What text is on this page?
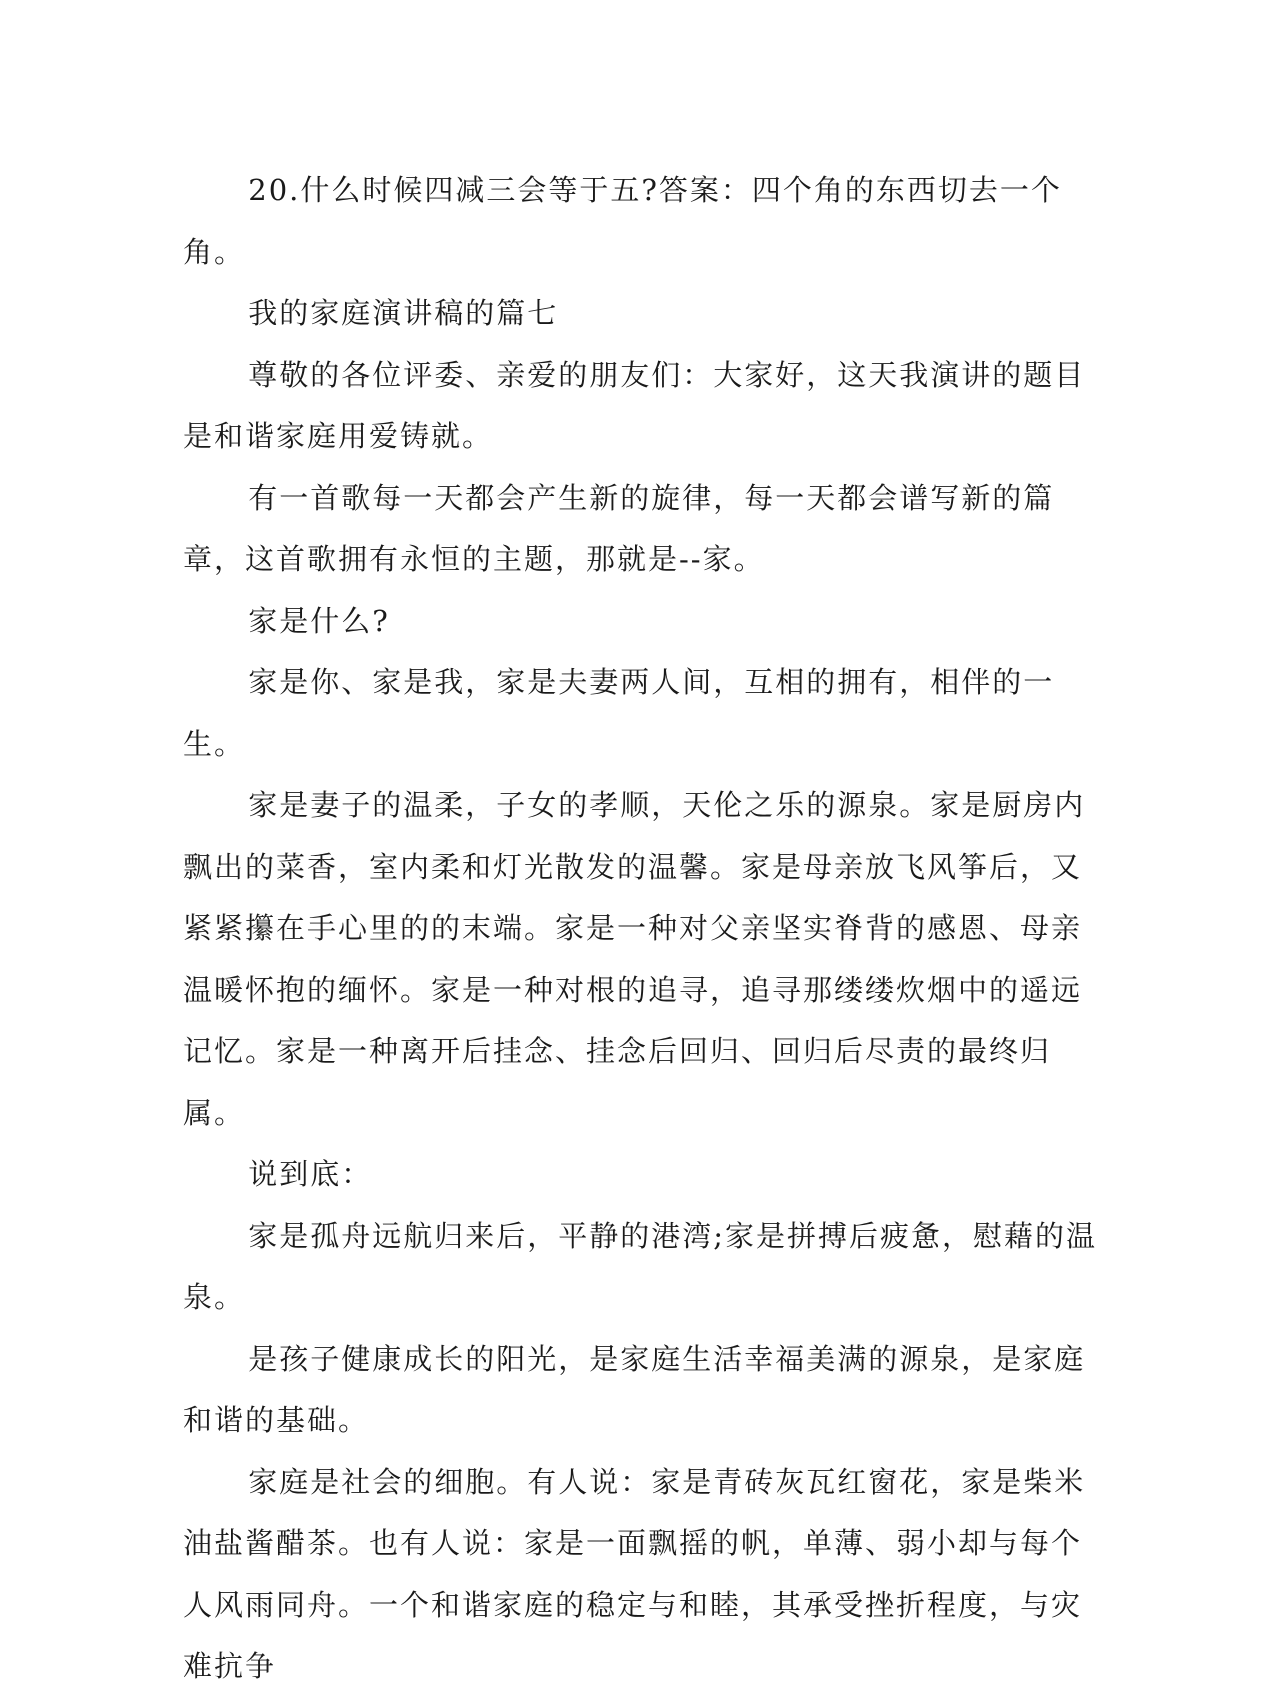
20.什么时候四减三会等于五?答案：四个角的东西切去一个角。

我的家庭演讲稿的篇七

尊敬的各位评委、亲爱的朋友们：大家好，这天我演讲的题目是和谐家庭用爱铸就。

有一首歌每一天都会产生新的旋律，每一天都会谱写新的篇章，这首歌拥有永恒的主题，那就是--家。

家是什么?

家是你、家是我，家是夫妻两人间，互相的拥有，相伴的一生。

家是妻子的温柔，子女的孝顺，天伦之乐的源泉。家是厨房内飘出的菜香，室内柔和灯光散发的温馨。家是母亲放飞风筝后，又紧紧攥在手心里的的末端。家是一种对父亲坚实脊背的感恩、母亲温暖怀抱的缅怀。家是一种对根的追寻，追寻那缕缕炊烟中的遥远记忆。家是一种离开后挂念、挂念后回归、回归后尽责的最终归属。

说到底：

家是孤舟远航归来后，平静的港湾;家是拼搏后疲惫，慰藉的温泉。

是孩子健康成长的阳光，是家庭生活幸福美满的源泉，是家庭和谐的基础。

家庭是社会的细胞。有人说：家是青砖灰瓦红窗花，家是柴米油盐酱醋茶。也有人说：家是一面飘摇的帆，单薄、弱小却与每个人风雨同舟。一个和谐家庭的稳定与和睦，其承受挫折程度，与灾难抗争
